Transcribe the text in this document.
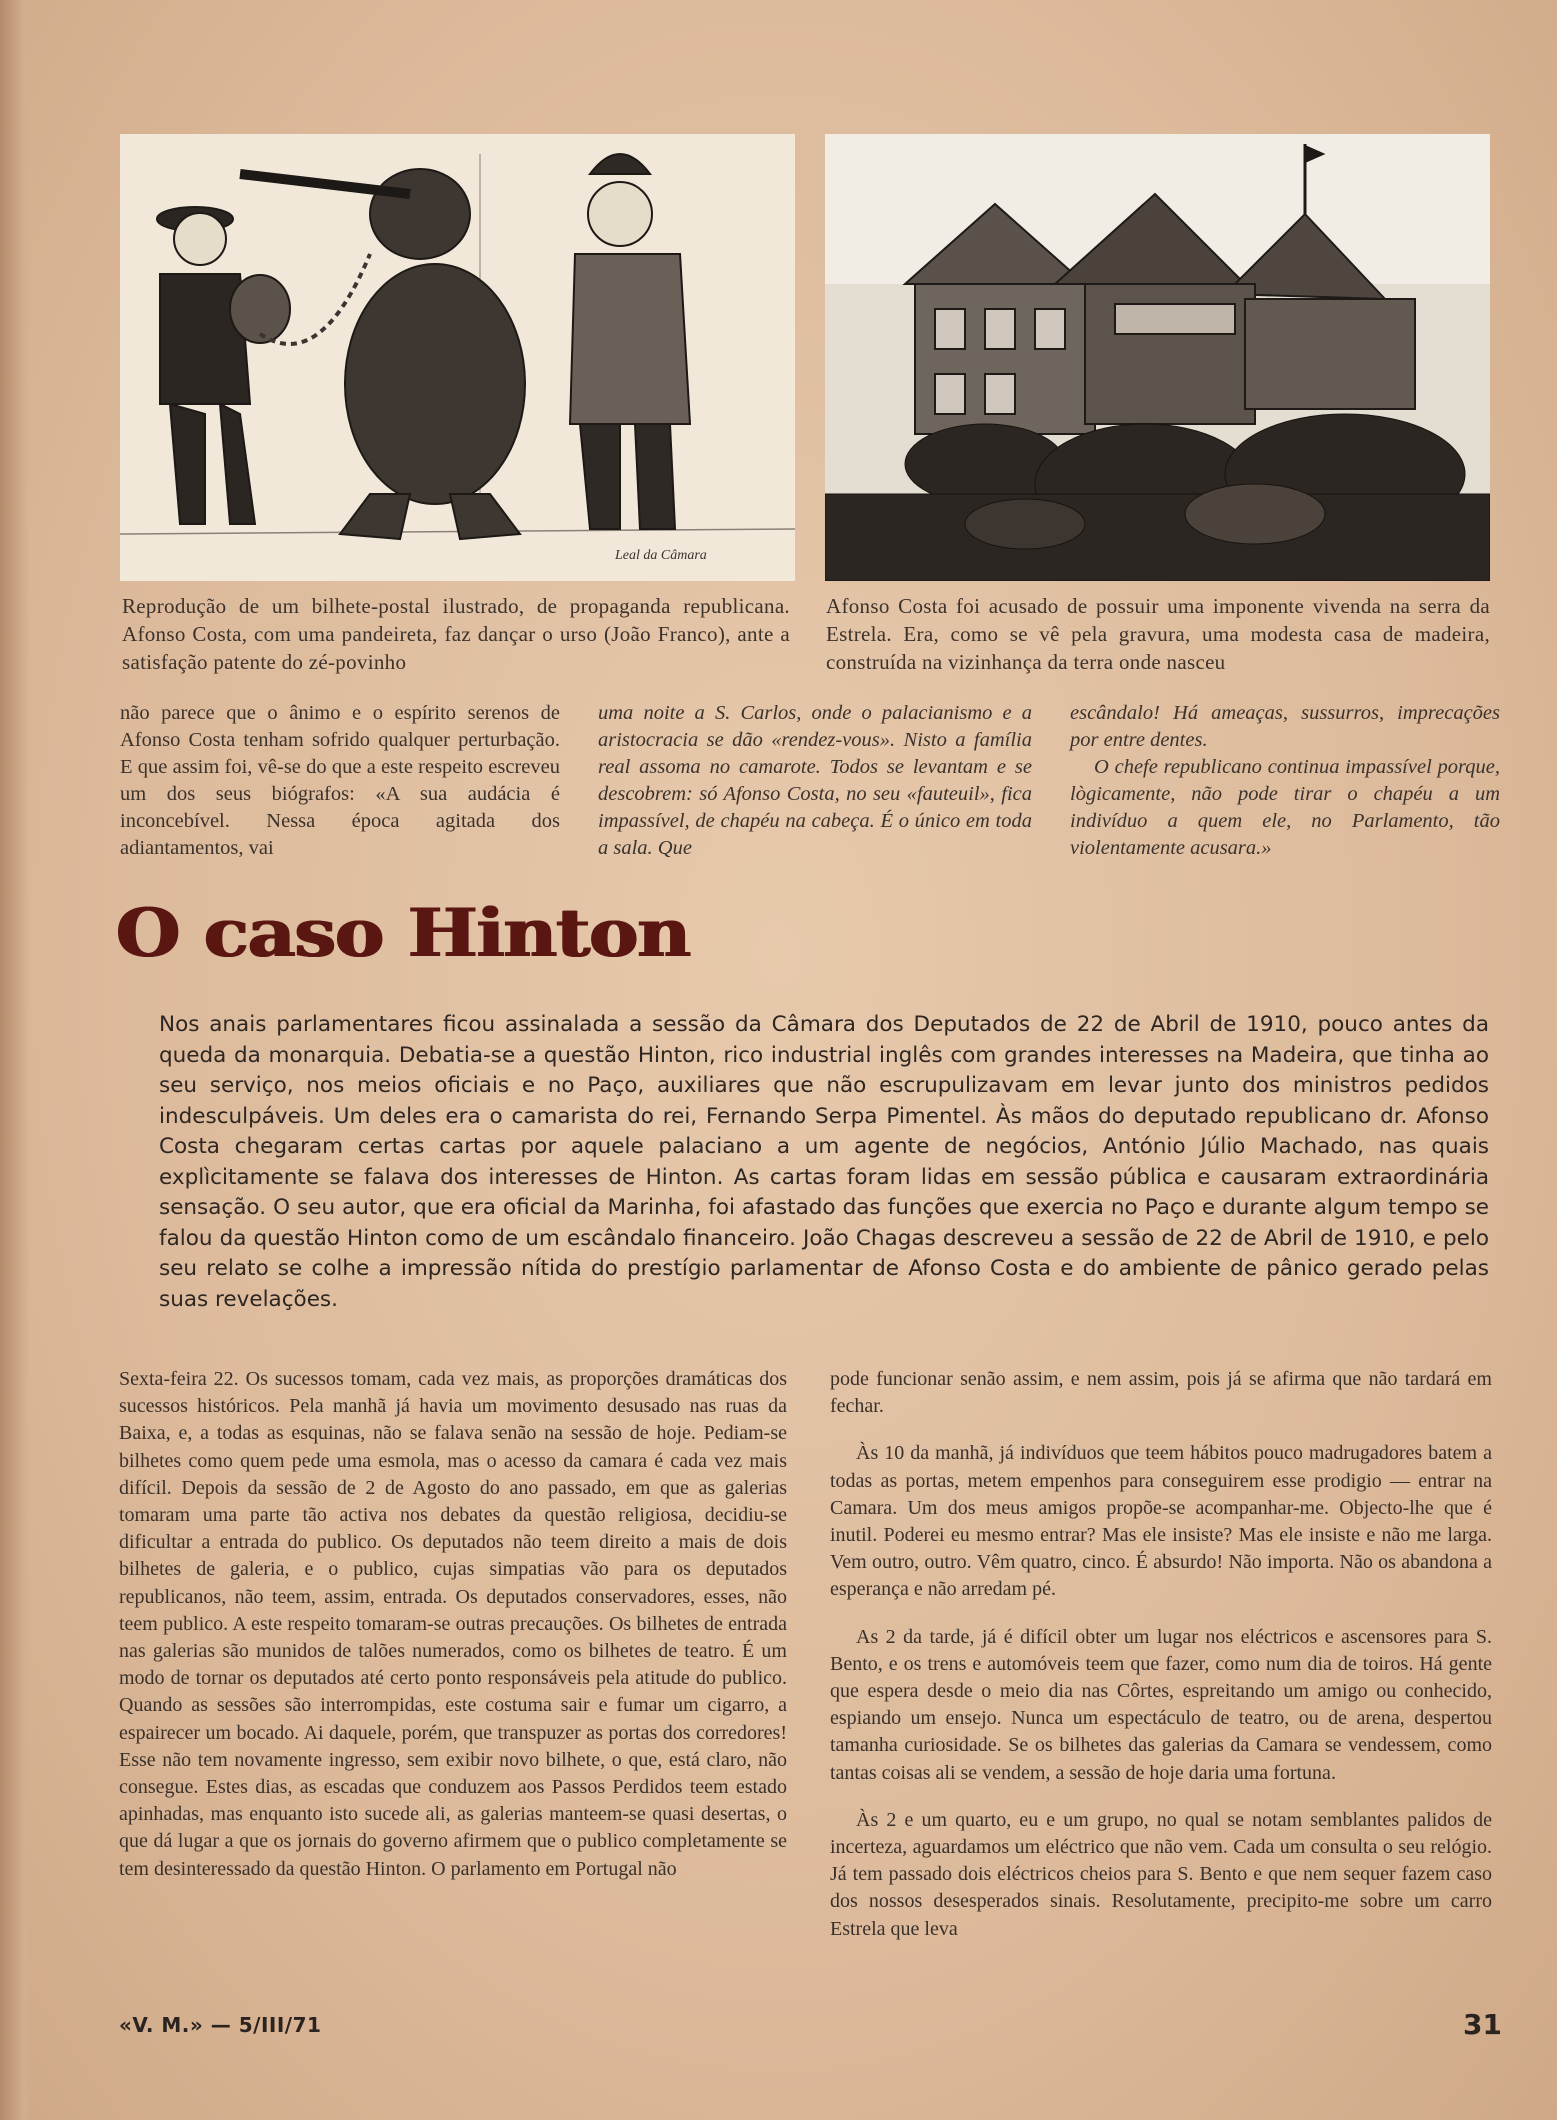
Leal da Câmara
Reprodução de um bilhete-postal ilustrado, de propaganda republicana. Afonso Costa, com uma pandeireta, faz dançar o urso (João Franco), ante a satisfação patente do zé-povinho
Afonso Costa foi acusado de possuir uma imponente vivenda na serra da Estrela. Era, como se vê pela gravura, uma modesta casa de madeira, construída na vizinhança da terra onde nasceu
não parece que o ânimo e o espírito serenos de Afonso Costa tenham sofrido qualquer perturbação. E que assim foi, vê-se do que a este respeito escreveu um dos seus biógrafos: «A sua audácia é inconcebível. Nessa época agitada dos adiantamentos, vai
uma noite a S. Carlos, onde o palacianismo e a aristocracia se dão «rendez-vous». Nisto a família real assoma no camarote. Todos se levantam e se descobrem: só Afonso Costa, no seu «fauteuil», fica impassível, de chapéu na cabeça. É o único em toda a sala. Que

escândalo! Há ameaças, sussurros, imprecações por entre dentes.

O chefe republicano continua impassível porque, lògicamente, não pode tirar o chapéu a um indivíduo a quem ele, no Parlamento, tão violentamente acusara.»

O caso Hinton
Nos anais parlamentares ficou assinalada a sessão da Câmara dos Deputados de 22 de Abril de 1910, pouco antes da queda da monarquia. Debatia-se a questão Hinton, rico industrial inglês com grandes interesses na Madeira, que tinha ao seu serviço, nos meios oficiais e no Paço, auxiliares que não escrupulizavam em levar junto dos ministros pedidos indesculpáveis. Um deles era o camarista do rei, Fernando Serpa Pimentel. Às mãos do deputado republicano dr. Afonso Costa chegaram certas cartas por aquele palaciano a um agente de negócios, António Júlio Machado, nas quais explìcitamente se falava dos interesses de Hinton. As cartas foram lidas em sessão pública e causaram extraordinária sensação. O seu autor, que era oficial da Marinha, foi afastado das funções que exercia no Paço e durante algum tempo se falou da questão Hinton como de um escândalo financeiro. João Chagas descreveu a sessão de 22 de Abril de 1910, e pelo seu relato se colhe a impressão nítida do prestígio parlamentar de Afonso Costa e do ambiente de pânico gerado pelas suas revelações.

Sexta-feira 22. Os sucessos tomam, cada vez mais, as proporções dramáticas dos sucessos históricos. Pela manhã já havia um movimento desusado nas ruas da Baixa, e, a todas as esquinas, não se falava senão na sessão de hoje. Pediam-se bilhetes como quem pede uma esmola, mas o acesso da camara é cada vez mais difícil. Depois da sessão de 2 de Agosto do ano passado, em que as galerias tomaram uma parte tão activa nos debates da questão religiosa, decidiu-se dificultar a entrada do publico. Os deputados não teem direito a mais de dois bilhetes de galeria, e o publico, cujas simpatias vão para os deputados republicanos, não teem, assim, entrada. Os deputados conservadores, esses, não teem publico. A este respeito tomaram-se outras precauções. Os bilhetes de entrada nas galerias são munidos de talões numerados, como os bilhetes de teatro. É um modo de tornar os deputados até certo ponto responsáveis pela atitude do publico. Quando as sessões são interrompidas, este costuma sair e fumar um cigarro, a espairecer um bocado. Ai daquele, porém, que transpuzer as portas dos corredores! Esse não tem novamente ingresso, sem exibir novo bilhete, o que, está claro, não consegue. Estes dias, as escadas que conduzem aos Passos Perdidos teem estado apinhadas, mas enquanto isto sucede ali, as galerias manteem-se quasi desertas, o que dá lugar a que os jornais do governo afirmem que o publico completamente se tem desinteressado da questão Hinton. O parlamento em Portugal não

pode funcionar senão assim, e nem assim, pois já se afirma que não tardará em fechar.

Às 10 da manhã, já indivíduos que teem hábitos pouco madrugadores batem a todas as portas, metem empenhos para conseguirem esse prodigio — entrar na Camara. Um dos meus amigos propõe-se acompanhar-me. Objecto-lhe que é inutil. Poderei eu mesmo entrar? Mas ele insiste? Mas ele insiste e não me larga. Vem outro, outro. Vêm quatro, cinco. É absurdo! Não importa. Não os abandona a esperança e não arredam pé.

As 2 da tarde, já é difícil obter um lugar nos eléctricos e ascensores para S. Bento, e os trens e automóveis teem que fazer, como num dia de toiros. Há gente que espera desde o meio dia nas Côrtes, espreitando um amigo ou conhecido, espiando um ensejo. Nunca um espectáculo de teatro, ou de arena, despertou tamanha curiosidade. Se os bilhetes das galerias da Camara se vendessem, como tantas coisas ali se vendem, a sessão de hoje daria uma fortuna.

Às 2 e um quarto, eu e um grupo, no qual se notam semblantes palidos de incerteza, aguardamos um eléctrico que não vem. Cada um consulta o seu relógio. Já tem passado dois eléctricos cheios para S. Bento e que nem sequer fazem caso dos nossos desesperados sinais. Resolutamente, precipito-me sobre um carro Estrela que leva

«V. M.» — 5/III/71	31
